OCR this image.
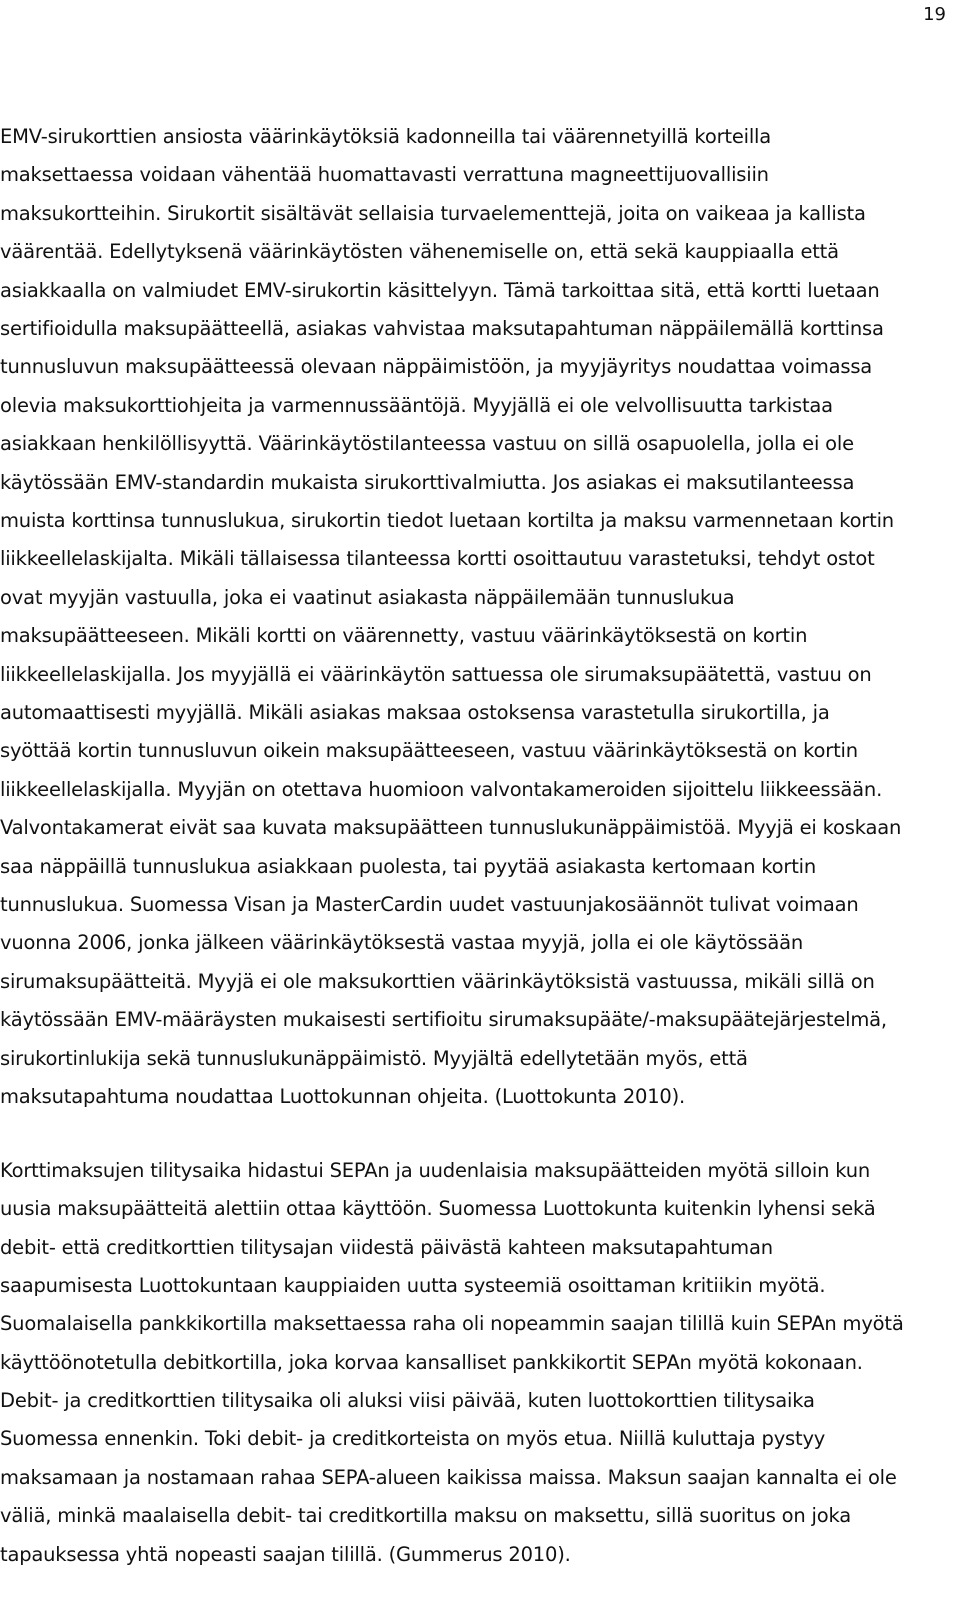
19
EMV-sirukorttien ansiosta väärinkäytöksiä kadonneilla tai väärennetyillä korteilla
maksettaessa voidaan vähentää huomattavasti verrattuna magneettijuovallisiin
maksukortteihin. Sirukortit sisältävät sellaisia turvaelementtejä, joita on vaikeaa ja kallista
väärentää. Edellytyksenä väärinkäytösten vähenemiselle on, että sekä kauppiaalla että
asiakkaalla on valmiudet EMV-sirukortin käsittelyyn. Tämä tarkoittaa sitä, että kortti luetaan
sertifioidulla maksupäätteellä, asiakas vahvistaa maksutapahtuman näppäilemällä korttinsa
tunnusluvun maksupäätteessä olevaan näppäimistöön, ja myyjäyritys noudattaa voimassa
olevia maksukorttiohjeita ja varmennussääntöjä. Myyjällä ei ole velvollisuutta tarkistaa
asiakkaan henkilöllisyyttä. Väärinkäytöstilanteessa vastuu on sillä osapuolella, jolla ei ole
käytössään EMV-standardin mukaista sirukorttivalmiutta. Jos asiakas ei maksutilanteessa
muista korttinsa tunnuslukua, sirukortin tiedot luetaan kortilta ja maksu varmennetaan kortin
liikkeellelaskijalta. Mikäli tällaisessa tilanteessa kortti osoittautuu varastetuksi, tehdyt ostot
ovat myyjän vastuulla, joka ei vaatinut asiakasta näppäilemään tunnuslukua
maksupäätteeseen. Mikäli kortti on väärennetty, vastuu väärinkäytöksestä on kortin
liikkeellelaskijalla. Jos myyjällä ei väärinkäytön sattuessa ole sirumaksupäätettä, vastuu on
automaattisesti myyjällä. Mikäli asiakas maksaa ostoksensa varastetulla sirukortilla, ja
syöttää kortin tunnusluvun oikein maksupäätteeseen, vastuu väärinkäytöksestä on kortin
liikkeellelaskijalla. Myyjän on otettava huomioon valvontakameroiden sijoittelu liikkeessään.
Valvontakamerat eivät saa kuvata maksupäätteen tunnuslukunäppäimistöä. Myyjä ei koskaan
saa näppäillä tunnuslukua asiakkaan puolesta, tai pyytää asiakasta kertomaan kortin
tunnuslukua. Suomessa Visan ja MasterCardin uudet vastuunjakosäännöt tulivat voimaan
vuonna 2006, jonka jälkeen väärinkäytöksestä vastaa myyjä, jolla ei ole käytössään
sirumaksupäätteitä. Myyjä ei ole maksukorttien väärinkäytöksistä vastuussa, mikäli sillä on
käytössään EMV-määräysten mukaisesti sertifioitu sirumaksupääte/-maksupäätejärjestelmä,
sirukortinlukija sekä tunnuslukunäppäimistö. Myyjältä edellytetään myös, että
maksutapahtuma noudattaa Luottokunnan ohjeita. (Luottokunta 2010).
Korttimaksujen tilitysaika hidastui SEPAn ja uudenlaisia maksupäätteiden myötä silloin kun
uusia maksupäätteitä alettiin ottaa käyttöön. Suomessa Luottokunta kuitenkin lyhensi sekä
debit- että creditkorttien tilitysajan viidestä päivästä kahteen maksutapahtuman
saapumisesta Luottokuntaan kauppiaiden uutta systeemiä osoittaman kritiikin myötä.
Suomalaisella pankkikortilla maksettaessa raha oli nopeammin saajan tilillä kuin SEPAn myötä
käyttöönotetulla debitkortilla, joka korvaa kansalliset pankkikortit SEPAn myötä kokonaan.
Debit- ja creditkorttien tilitysaika oli aluksi viisi päivää, kuten luottokorttien tilitysaika
Suomessa ennenkin. Toki debit- ja creditkorteista on myös etua. Niillä kuluttaja pystyy
maksamaan ja nostamaan rahaa SEPA-alueen kaikissa maissa. Maksun saajan kannalta ei ole
väliä, minkä maalaisella debit- tai creditkortilla maksu on maksettu, sillä suoritus on joka
tapauksessa yhtä nopeasti saajan tilillä. (Gummerus 2010).
